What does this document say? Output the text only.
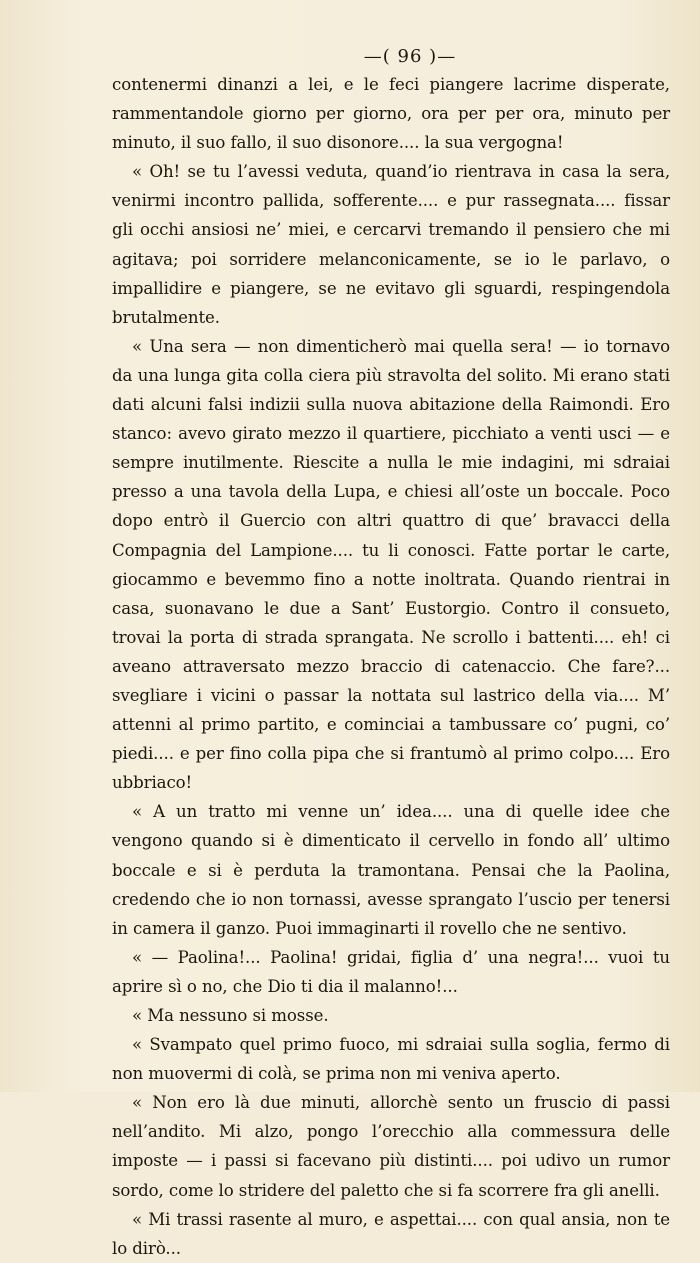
—( 96 )—

contenermi dinanzi a lei, e le feci piangere lacrime disperate, rammentandole giorno per giorno, ora per per ora, minuto per minuto, il suo fallo, il suo disonore.... la sua vergogna!

« Oh! se tu l’avessi veduta, quand’io rientrava in casa la sera, venirmi incontro pallida, sofferente.... e pur rassegnata.... fissar gli occhi ansiosi ne’ miei, e cercarvi tremando il pensiero che mi agitava; poi sorridere melanconicamente, se io le parlavo, o impallidire e piangere, se ne evitavo gli sguardi, respingendola brutalmente.

« Una sera — non dimenticherò mai quella sera! — io tornavo da una lunga gita colla ciera più stravolta del solito. Mi erano stati dati alcuni falsi indizii sulla nuova abitazione della Raimondi. Ero stanco: avevo girato mezzo il quartiere, picchiato a venti usci — e sempre inutilmente. Riescite a nulla le mie indagini, mi sdraiai presso a una tavola della Lupa, e chiesi all’oste un boccale. Poco dopo entrò il Guercio con altri quattro di que’ bravacci della Compagnia del Lampione.... tu li conosci. Fatte portar le carte, giocammo e bevemmo fino a notte inoltrata. Quando rientrai in casa, suonavano le due a Sant’ Eustorgio. Contro il consueto, trovai la porta di strada sprangata. Ne scrollo i battenti.... eh! ci aveano attraversato mezzo braccio di catenaccio. Che fare?... svegliare i vicini o passar la nottata sul lastrico della via.... M’ attenni al primo partito, e cominciai a tambussare co’ pugni, co’ piedi.... e per fino colla pipa che si frantumò al primo colpo.... Ero ubbriaco!

« A un tratto mi venne un’ idea.... una di quelle idee che vengono quando si è dimenticato il cervello in fondo all’ ultimo boccale e si è perduta la tramontana. Pensai che la Paolina, credendo che io non tornassi, avesse sprangato l’uscio per tenersi in camera il ganzo. Puoi immaginarti il rovello che ne sentivo.

« — Paolina!... Paolina! gridai, figlia d’ una negra!... vuoi tu aprire sì o no, che Dio ti dia il malanno!...

« Ma nessuno si mosse.

« Svampato quel primo fuoco, mi sdraiai sulla soglia, fermo di non muovermi di colà, se prima non mi veniva aperto.

« Non ero là due minuti, allorchè sento un fruscio di passi nell’andito. Mi alzo, pongo l’orecchio alla commessura delle imposte — i passi si facevano più distinti.... poi udivo un rumor sordo, come lo stridere del paletto che si fa scorrere fra gli anelli.

« Mi trassi rasente al muro, e aspettai.... con qual ansia, non te lo dirò...
